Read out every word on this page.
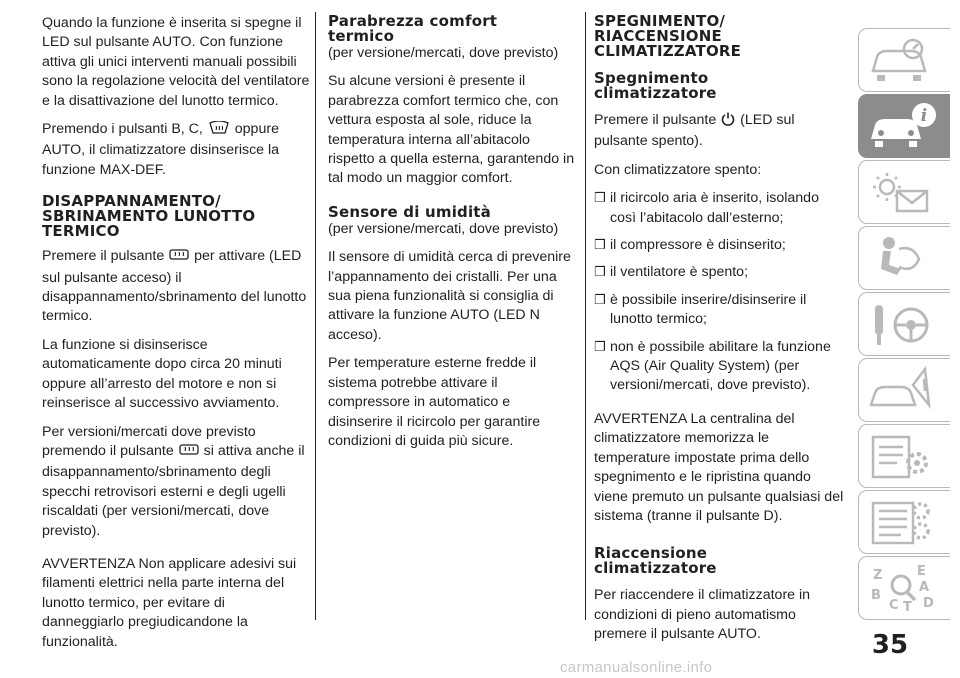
Quando la funzione è inserita si spegne il LED sul pulsante AUTO. Con funzione attiva gli unici interventi manuali possibili sono la regolazione velocità del ventilatore e la disattivazione del lunotto termico.

Premendo i pulsanti B, C, oppure AUTO, il climatizzatore disinserisce la funzione MAX-DEF.

DISAPPANNAMENTO/
SBRINAMENTO LUNOTTO
TERMICO

Premere il pulsante per attivare (LED sul pulsante acceso) il disappannamento/sbrinamento del lunotto termico.

La funzione si disinserisce automaticamente dopo circa 20 minuti oppure all’arresto del motore e non si reinserisce al successivo avviamento.

Per versioni/mercati dove previsto premendo il pulsante si attiva anche il disappannamento/sbrinamento degli specchi retrovisori esterni e degli ugelli riscaldati (per versioni/mercati, dove previsto).

AVVERTENZA Non applicare adesivi sui filamenti elettrici nella parte interna del lunotto termico, per evitare di danneggiarlo pregiudicandone la funzionalità.

Parabrezza comfort
termico

(per versione/mercati, dove previsto)

Su alcune versioni è presente il parabrezza comfort termico che, con vettura esposta al sole, riduce la temperatura interna all’abitacolo rispetto a quella esterna, garantendo in tal modo un maggior comfort.

Sensore di umidità

(per versione/mercati, dove previsto)

Il sensore di umidità cerca di prevenire l’appannamento dei cristalli. Per una sua piena funzionalità si consiglia di attivare la funzione AUTO (LED N acceso).

Per temperature esterne fredde il sistema potrebbe attivare il compressore in automatico e disinserire il ricircolo per garantire condizioni di guida più sicure.

SPEGNIMENTO/
RIACCENSIONE
CLIMATIZZATORE
Spegnimento
climatizzatore

Premere il pulsante (LED sul pulsante spento).

Con climatizzatore spento:

❒ il ricircolo aria è inserito, isolando così l’abitacolo dall’esterno;
❒ il compressore è disinserito;
❒ il ventilatore è spento;
❒ è possibile inserire/disinserire il lunotto termico;
❒ non è possibile abilitare la funzione AQS (Air Quality System) (per versioni/mercati, dove previsto).

AVVERTENZA La centralina del climatizzatore memorizza le temperature impostate prima dello spegnimento e le ripristina quando viene premuto un pulsante qualsiasi del sistema (tranne il pulsante D).

Riaccensione
climatizzatore

Per riaccendere il climatizzatore in condizioni di pieno automatismo premere il pulsante AUTO.

i
Z	E
A
B
C T D
35
carmanualsonline.info
